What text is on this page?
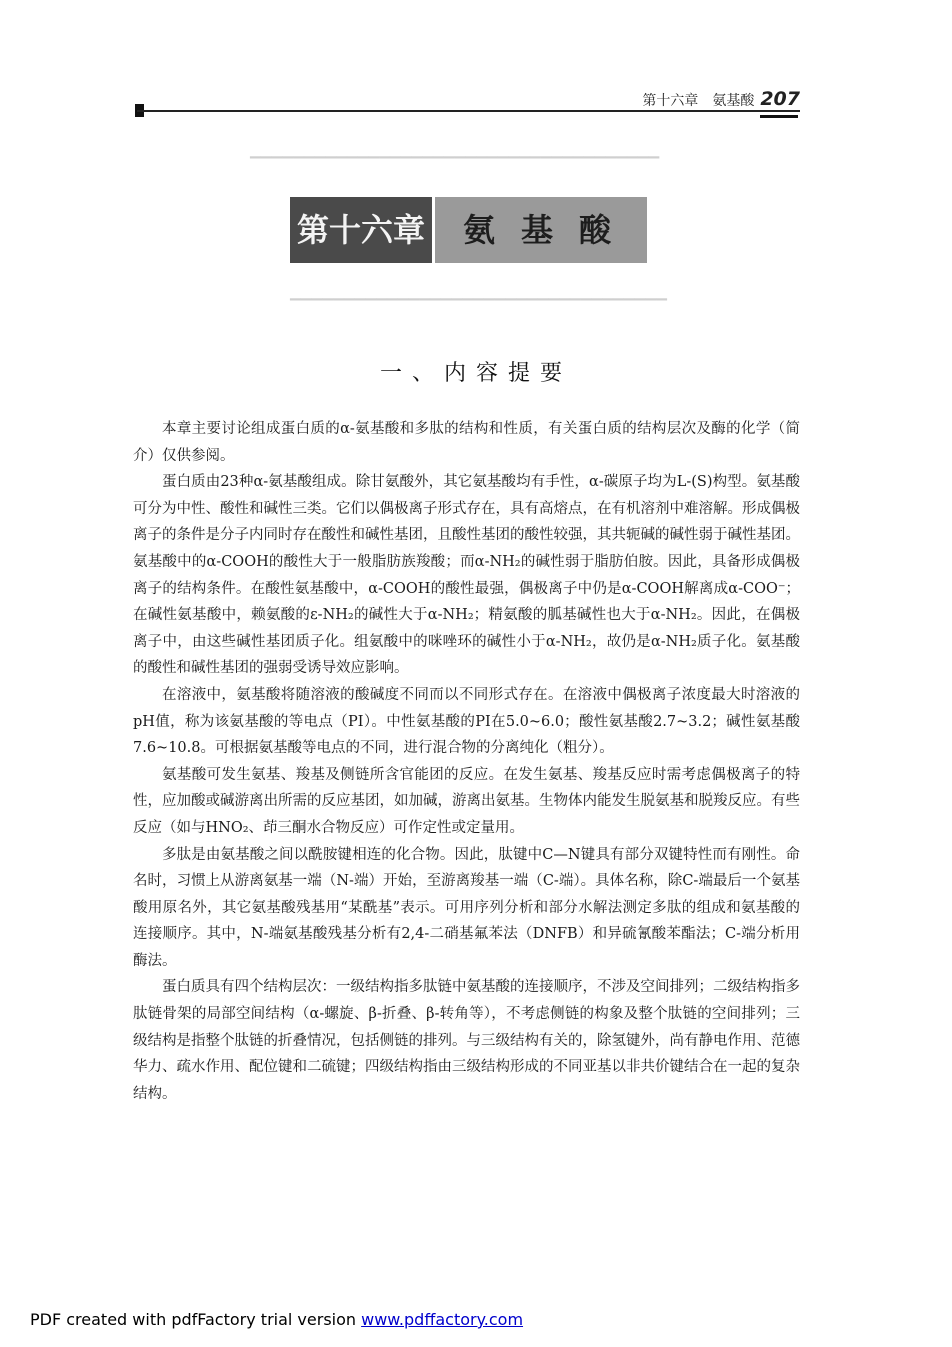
第十六章　氨基酸 207
▁▁▁▁▁▁▁▁▁▁▁▁▁▁▁▁▁▁▁▁▁▁▁▁▁▁▁▁▁▁▁▁▁▁▁▁▁▁
▁▁▁▁▁▁▁▁▁▁▁▁▁▁▁▁▁▁▁▁▁▁▁▁▁▁▁▁▁▁▁▁▁▁▁
第十六章	氨基酸
一、内容提要

本章主要讨论组成蛋白质的α-氨基酸和多肽的结构和性质，有关蛋白质的结构层次及酶的化学（简介）仅供参阅。

蛋白质由23种α-氨基酸组成。除甘氨酸外，其它氨基酸均有手性，α-碳原子均为L-(S)构型。氨基酸可分为中性、酸性和碱性三类。它们以偶极离子形式存在，具有高熔点，在有机溶剂中难溶解。形成偶极离子的条件是分子内同时存在酸性和碱性基团，且酸性基团的酸性较强，其共轭碱的碱性弱于碱性基团。氨基酸中的α-COOH的酸性大于一般脂肪族羧酸；而α-NH₂的碱性弱于脂肪伯胺。因此，具备形成偶极离子的结构条件。在酸性氨基酸中，α-COOH的酸性最强，偶极离子中仍是α-COOH解离成α-COO⁻；在碱性氨基酸中，赖氨酸的ε-NH₂的碱性大于α-NH₂；精氨酸的胍基碱性也大于α-NH₂。因此，在偶极离子中，由这些碱性基团质子化。组氨酸中的咪唑环的碱性小于α-NH₂，故仍是α-NH₂质子化。氨基酸的酸性和碱性基团的强弱受诱导效应影响。

在溶液中，氨基酸将随溶液的酸碱度不同而以不同形式存在。在溶液中偶极离子浓度最大时溶液的pH值，称为该氨基酸的等电点（PI）。中性氨基酸的PI在5.0~6.0；酸性氨基酸2.7~3.2；碱性氨基酸7.6~10.8。可根据氨基酸等电点的不同，进行混合物的分离纯化（粗分）。

氨基酸可发生氨基、羧基及侧链所含官能团的反应。在发生氨基、羧基反应时需考虑偶极离子的特性，应加酸或碱游离出所需的反应基团，如加碱，游离出氨基。生物体内能发生脱氨基和脱羧反应。有些反应（如与HNO₂、茚三酮水合物反应）可作定性或定量用。

多肽是由氨基酸之间以酰胺键相连的化合物。因此，肽键中C—N键具有部分双键特性而有刚性。命名时，习惯上从游离氨基一端（N-端）开始，至游离羧基一端（C-端）。具体名称，除C-端最后一个氨基酸用原名外，其它氨基酸残基用“某酰基”表示。可用序列分析和部分水解法测定多肽的组成和氨基酸的连接顺序。其中，N-端氨基酸残基分析有2,4-二硝基氟苯法（DNFB）和异硫氰酸苯酯法；C-端分析用酶法。

蛋白质具有四个结构层次：一级结构指多肽链中氨基酸的连接顺序，不涉及空间排列；二级结构指多肽链骨架的局部空间结构（α-螺旋、β-折叠、β-转角等），不考虑侧链的构象及整个肽链的空间排列；三级结构是指整个肽链的折叠情况，包括侧链的排列。与三级结构有关的，除氢键外，尚有静电作用、范德华力、疏水作用、配位键和二硫键；四级结构指由三级结构形成的不同亚基以非共价键结合在一起的复杂结构。

PDF created with pdfFactory trial version www.pdffactory.com
